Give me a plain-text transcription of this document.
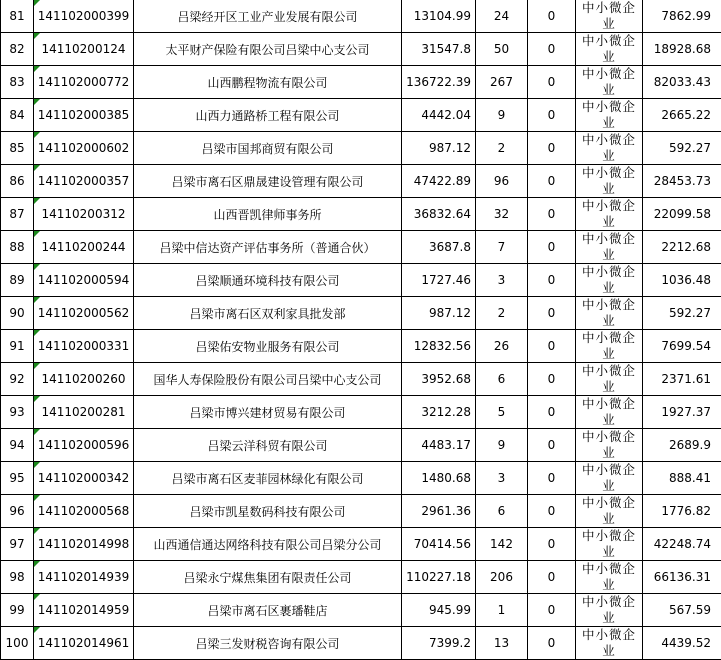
81	141102000399	吕梁经开区工业产业发展有限公司	13104.99	24	0	中小微企业	7862.99
82	14110200124	太平财产保险有限公司吕梁中心支公司	31547.8	50	0	中小微企业	18928.68
83	141102000772	山西鹏程物流有限公司	136722.39	267	0	中小微企业	82033.43
84	141102000385	山西力通路桥工程有限公司	4442.04	9	0	中小微企业	2665.22
85	141102000602	吕梁市国邦商贸有限公司	987.12	2	0	中小微企业	592.27
86	141102000357	吕梁市离石区鼎晟建设管理有限公司	47422.89	96	0	中小微企业	28453.73
87	14110200312	山西晋凯律师事务所	36832.64	32	0	中小微企业	22099.58
88	14110200244	吕梁中信达资产评估事务所（普通合伙）	3687.8	7	0	中小微企业	2212.68
89	141102000594	吕梁顺通环境科技有限公司	1727.46	3	0	中小微企业	1036.48
90	141102000562	吕梁市离石区双利家具批发部	987.12	2	0	中小微企业	592.27
91	141102000331	吕梁佑安物业服务有限公司	12832.56	26	0	中小微企业	7699.54
92	14110200260	国华人寿保险股份有限公司吕梁中心支公司	3952.68	6	0	中小微企业	2371.61
93	14110200281	吕梁市博兴建材贸易有限公司	3212.28	5	0	中小微企业	1927.37
94	141102000596	吕梁云洋科贸有限公司	4483.17	9	0	中小微企业	2689.9
95	141102000342	吕梁市离石区麦菲园林绿化有限公司	1480.68	3	0	中小微企业	888.41
96	141102000568	吕梁市凯星数码科技有限公司	2961.36	6	0	中小微企业	1776.82
97	141102014998	山西通信通达网络科技有限公司吕梁分公司	70414.56	142	0	中小微企业	42248.74
98	141102014939	吕梁永宁煤焦集团有限责任公司	110227.18	206	0	中小微企业	66136.31
99	141102014959	吕梁市离石区裹璠鞋店	945.99	1	0	中小微企业	567.59
100	141102014961	吕梁三发财税咨询有限公司	7399.2	13	0	中小微企业	4439.52
